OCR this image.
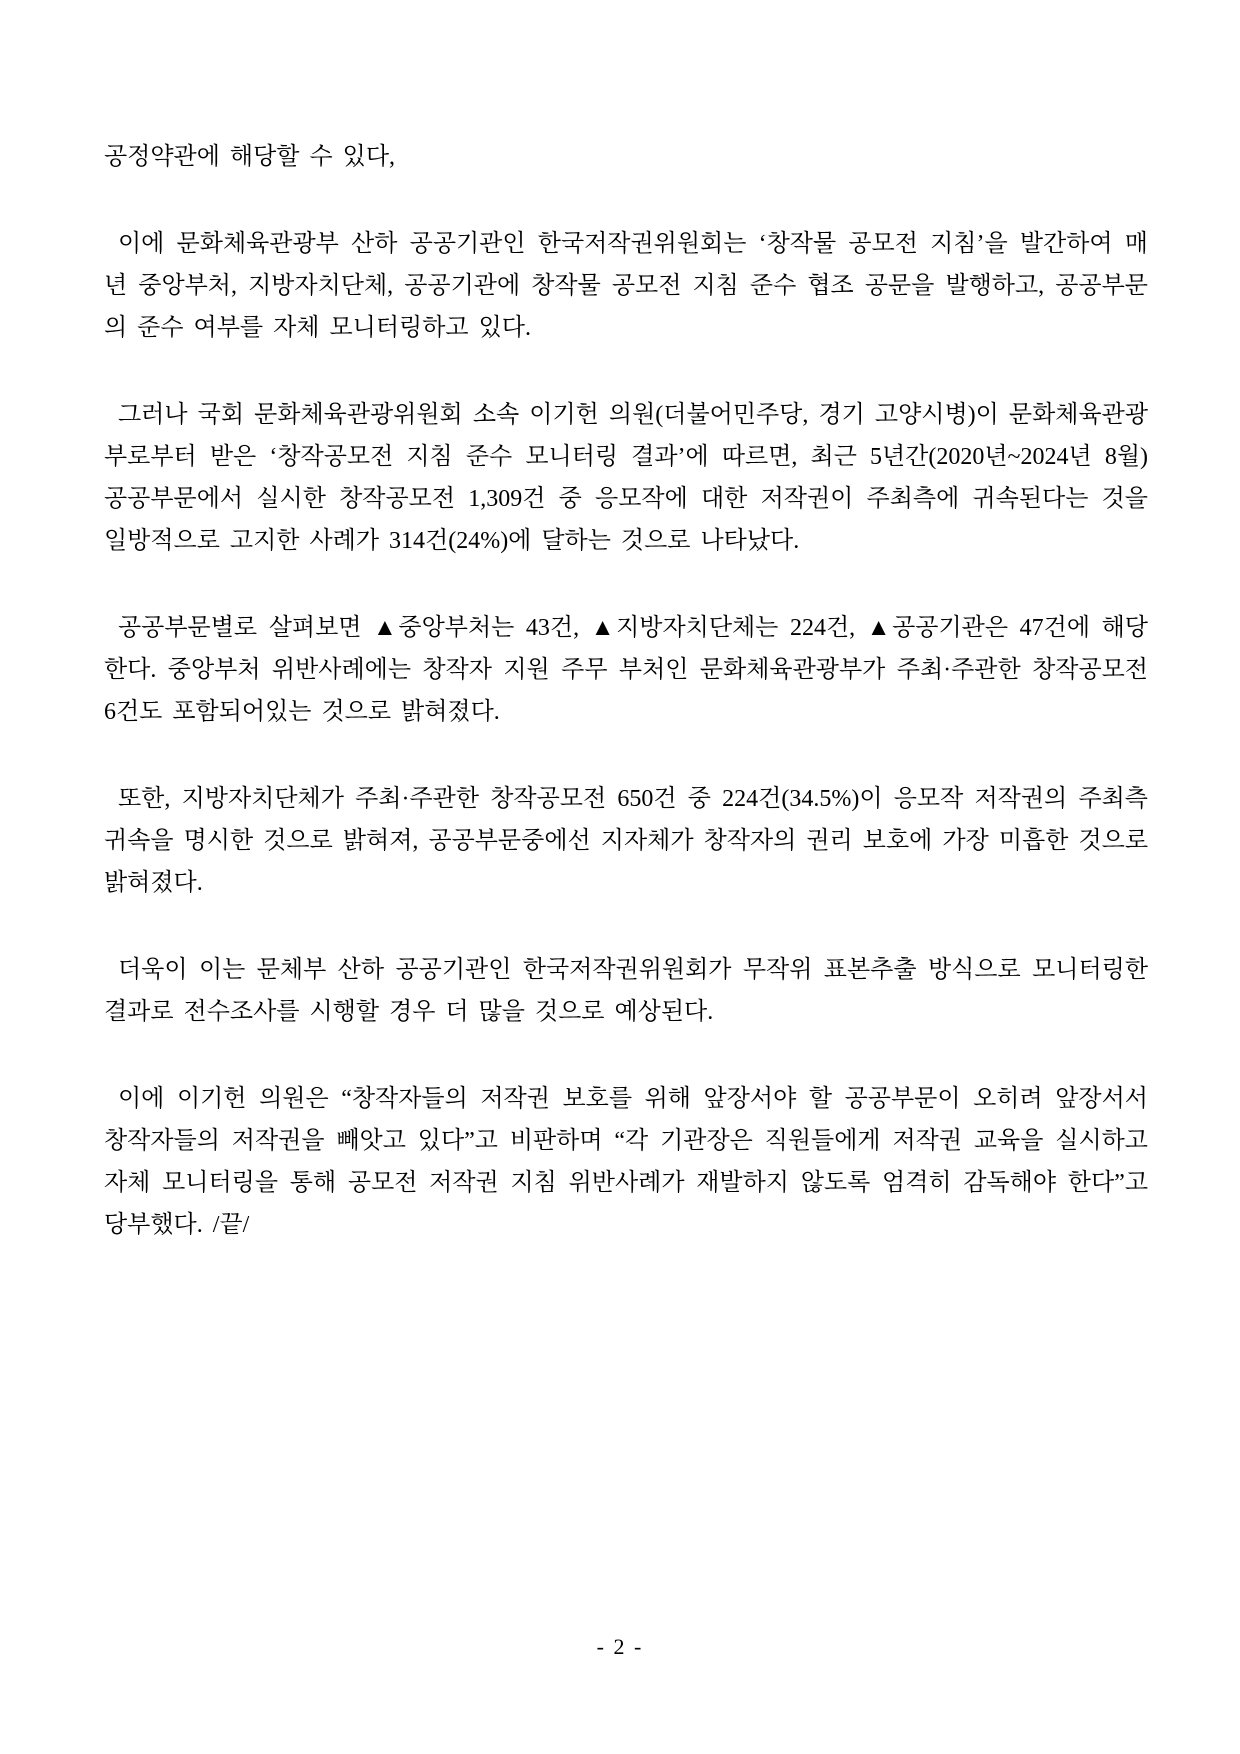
공정약관에 해당할 수 있다,

이에 문화체육관광부 산하 공공기관인 한국저작권위원회는 ‘창작물 공모전 지침’을 발간하여 매년 중앙부처, 지방자치단체, 공공기관에 창작물 공모전 지침 준수 협조 공문을 발행하고, 공공부문의 준수 여부를 자체 모니터링하고 있다.

그러나 국회 문화체육관광위원회 소속 이기헌 의원(더불어민주당, 경기 고양시병)이 문화체육관광부로부터 받은 ‘창작공모전 지침 준수 모니터링 결과’에 따르면, 최근 5년간(2020년~2024년 8월) 공공부문에서 실시한 창작공모전 1,309건 중 응모작에 대한 저작권이 주최측에 귀속된다는 것을 일방적으로 고지한 사례가 314건(24%)에 달하는 것으로 나타났다.

공공부문별로 살펴보면 ▲중앙부처는 43건, ▲지방자치단체는 224건, ▲공공기관은 47건에 해당한다. 중앙부처 위반사례에는 창작자 지원 주무 부처인 문화체육관광부가 주최·주관한 창작공모전 6건도 포함되어있는 것으로 밝혀졌다.

또한, 지방자치단체가 주최·주관한 창작공모전 650건 중 224건(34.5%)이 응모작 저작권의 주최측 귀속을 명시한 것으로 밝혀져, 공공부문중에선 지자체가 창작자의 권리 보호에 가장 미흡한 것으로 밝혀졌다.

더욱이 이는 문체부 산하 공공기관인 한국저작권위원회가 무작위 표본추출 방식으로 모니터링한 결과로 전수조사를 시행할 경우 더 많을 것으로 예상된다.

이에 이기헌 의원은 “창작자들의 저작권 보호를 위해 앞장서야 할 공공부문이 오히려 앞장서서 창작자들의 저작권을 빼앗고 있다”고 비판하며 “각 기관장은 직원들에게 저작권 교육을 실시하고 자체 모니터링을 통해 공모전 저작권 지침 위반사례가 재발하지 않도록 엄격히 감독해야 한다”고 당부했다. /끝/

- 2 -
